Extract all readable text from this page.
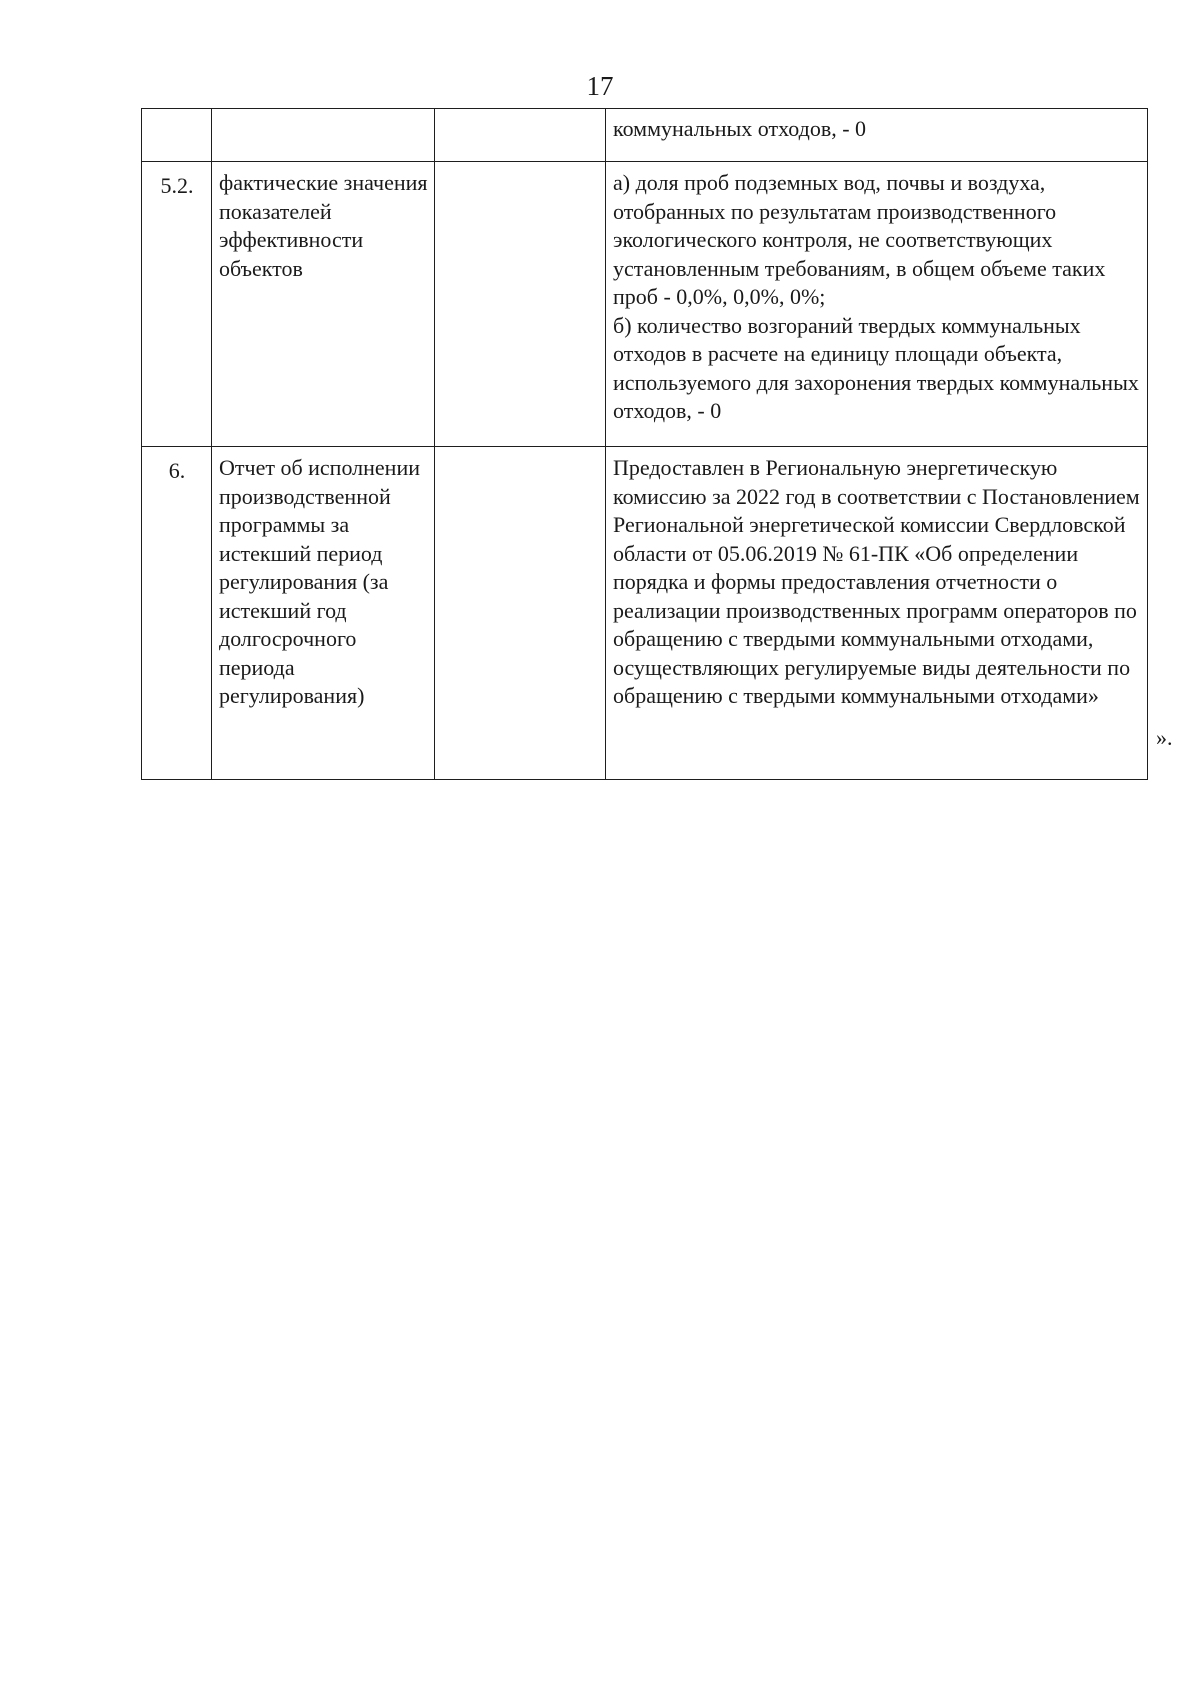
17
			коммунальных отходов, - 0
5.2.	фактические значения показателей эффективности объектов		а) доля проб подземных вод, почвы и воздуха, отобранных по результатам производственного экологического контроля, не соответствующих установленным требованиям, в общем объеме таких проб - 0,0%, 0,0%, 0%;
б) количество возгораний твердых коммунальных отходов в расчете на единицу площади объекта, используемого для захоронения твердых коммунальных отходов, - 0

6.	Отчет об исполнении производственной программы за истекший период регулирования (за истекший год долгосрочного периода регулирования)		Предоставлен в Региональную энергетическую комиссию за 2022 год в соответствии с Постановлением Региональной энергетической комиссии Свердловской области от 05.06.2019 № 61-ПК «Об определении порядка и формы предоставления отчетности о реализации производственных программ операторов по обращению с твердыми коммунальными отходами, осуществляющих регулируемые виды деятельности по обращению с твердыми коммунальными отходами»
».
